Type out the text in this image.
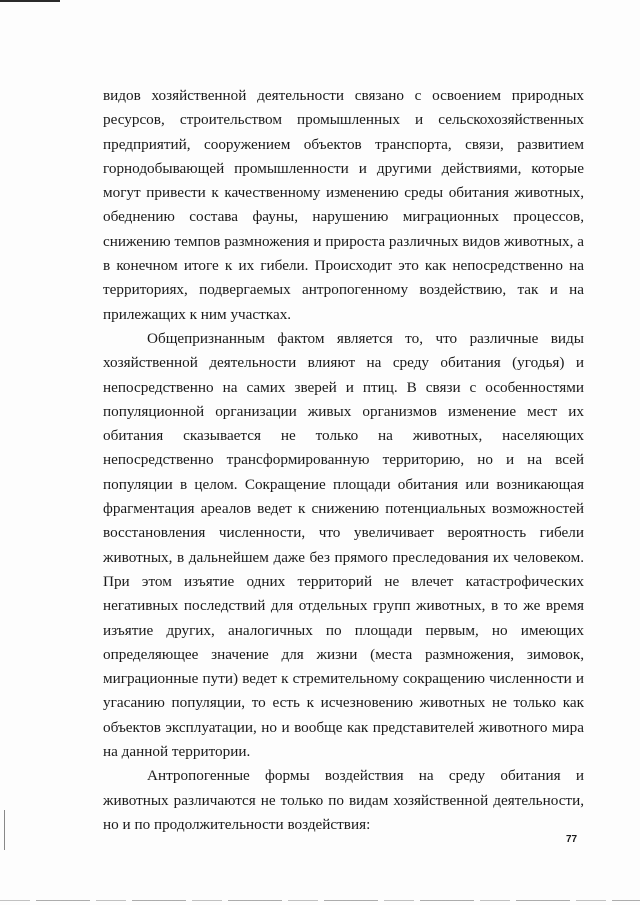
видов хозяйственной деятельности связано с освоением природных ресурсов, строительством промышленных и сельскохозяйственных предприятий, сооружением объектов транспорта, связи, развитием горнодобывающей промышленности и другими действиями, которые могут привести к качественному изменению среды обитания животных, обеднению состава фауны, нарушению миграционных процессов, снижению темпов размножения и прироста различных видов животных, а в конечном итоге к их гибели. Происходит это как непосредственно на территориях, подвергаемых антропогенному воздействию, так и на прилежащих к ним участках.

Общепризнанным фактом является то, что различные виды хозяйственной деятельности влияют на среду обитания (угодья) и непосредственно на самих зверей и птиц. В связи с особенностями популяционной организации живых организмов изменение мест их обитания сказывается не только на животных, населяющих непосредственно трансформированную территорию, но и на всей популяции в целом. Сокращение площади обитания или возникающая фрагментация ареалов ведет к снижению потенциальных возможностей восстановления численности, что увеличивает вероятность гибели животных, в дальнейшем даже без прямого преследования их человеком. При этом изъятие одних территорий не влечет катастрофических негативных последствий для отдельных групп животных, в то же время изъятие других, аналогичных по площади первым, но имеющих определяющее значение для жизни (места размножения, зимовок, миграционные пути) ведет к стремительному сокращению численности и угасанию популяции, то есть к исчезновению животных не только как объектов эксплуатации, но и вообще как представителей животного мира на данной территории.

Антропогенные формы воздействия на среду обитания и животных различаются не только по видам хозяйственной деятельности, но и по продолжительности воздействия:

77
